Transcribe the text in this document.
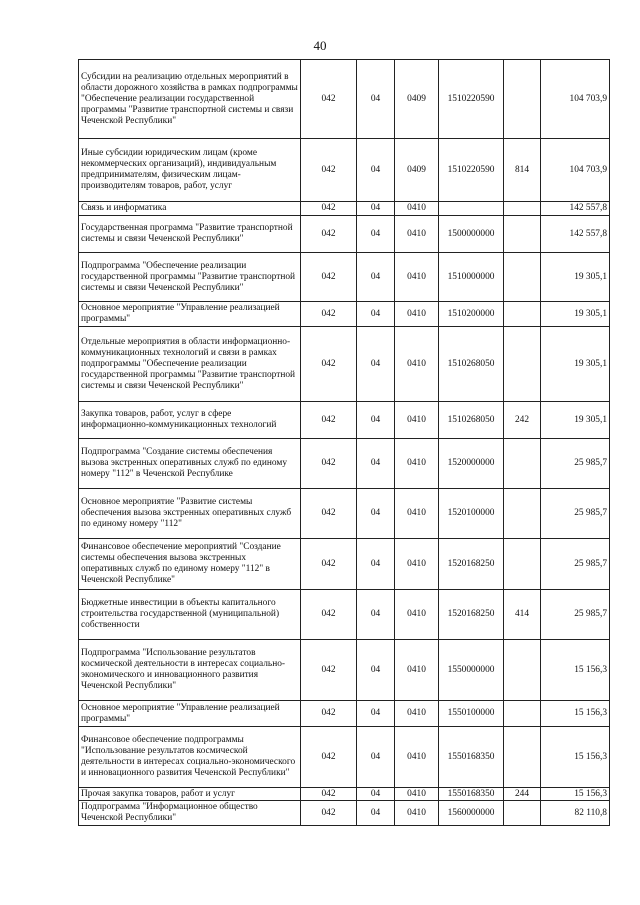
40
Субсидии на реализацию отдельных мероприятий в области дорожного хозяйства в рамках подпрограммы "Обеспечение реализации государственной программы "Развитие транспортной системы и связи Чеченской Республики"	042	04	0409	1510220590		104 703,9
Иные субсидии юридическим лицам (кроме некоммерческих организаций), индивидуальным предпринимателям, физическим лицам-производителям товаров, работ, услуг	042	04	0409	1510220590	814	104 703,9
Связь и информатика	042	04	0410			142 557,8
Государственная программа "Развитие транспортной системы и связи Чеченской Республики"	042	04	0410	1500000000		142 557,8
Подпрограмма "Обеспечение реализации государственной программы "Развитие транспортной системы и связи Чеченской Республики"	042	04	0410	1510000000		19 305,1
Основное мероприятие "Управление реализацией программы"	042	04	0410	1510200000		19 305,1
Отдельные мероприятия в области информационно-коммуникационных технологий и связи в рамках подпрограммы "Обеспечение реализации государственной программы "Развитие транспортной системы и связи Чеченской Республики"	042	04	0410	1510268050		19 305,1
Закупка товаров, работ, услуг в сфере информационно-коммуникационных технологий	042	04	0410	1510268050	242	19 305,1
Подпрограмма "Создание системы обеспечения вызова экстренных оперативных служб по единому номеру "112" в Чеченской Республике	042	04	0410	1520000000		25 985,7
Основное мероприятие "Развитие системы обеспечения вызова экстренных оперативных служб по единому номеру "112"	042	04	0410	1520100000		25 985,7
Финансовое обеспечение мероприятий "Создание системы обеспечения вызова экстренных оперативных служб по единому номеру "112" в Чеченской Республике"	042	04	0410	1520168250		25 985,7
Бюджетные инвестиции в объекты капитального строительства государственной (муниципальной) собственности	042	04	0410	1520168250	414	25 985,7
Подпрограмма "Использование результатов космической деятельности в интересах социально-экономического и инновационного развития Чеченской Республики"	042	04	0410	1550000000		15 156,3
Основное мероприятие "Управление реализацией программы"	042	04	0410	1550100000		15 156,3
Финансовое обеспечение подпрограммы "Использование результатов космической деятельности в интересах социально-экономического и инновационного развития Чеченской Республики"	042	04	0410	1550168350		15 156,3
Прочая закупка товаров, работ и услуг	042	04	0410	1550168350	244	15 156,3
Подпрограмма "Информационное общество Чеченской Республики"	042	04	0410	1560000000		82 110,8
